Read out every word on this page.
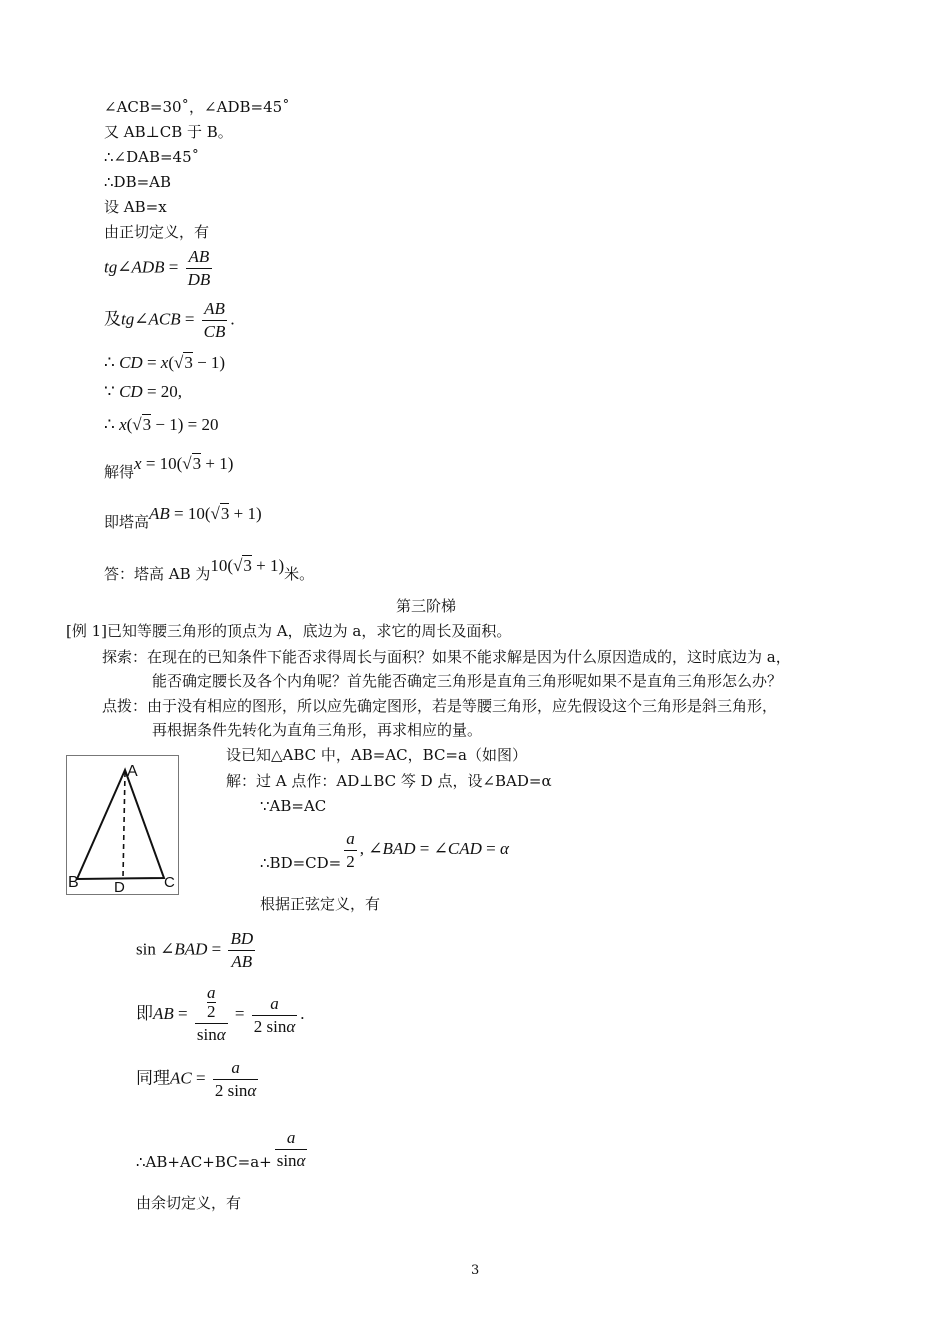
∠ACB=30˚，∠ADB=45˚
又 AB⊥CB 于 B。
∴∠DAB=45˚
∴DB=AB
设 AB=x
由正切定义，有
tg∠ADB = $\frac{AB}{DB}$
及tg∠ACB = $\frac{AB}{CB}$ .
∴ CD = x(√3 − 1)
∵ CD = 20,
∴ x(√3 − 1) = 20
解得x = 10(√3 + 1)
即塔高AB = 10(√3 + 1)
答：塔高 AB 为10(√3 + 1)米。
第三阶梯
[例 1]已知等腰三角形的顶点为 A，底边为 a，求它的周长及面积。
探索：在现在的已知条件下能否求得周长与面积？如果不能求解是因为什么原因造成的，这时底边为 a，
能否确定腰长及各个内角呢？首先能否确定三角形是直角三角形呢如果不是直角三角形怎么办？
点拨：由于没有相应的图形，所以应先确定图形，若是等腰三角形，应先假设这个三角形是斜三角形，
再根据条件先转化为直角三角形，再求相应的量。
A
B D	C
设已知△ABC 中，AB=AC，BC=a（如图）
解：过 A 点作：AD⊥BC 笒 D 点，设∠BAD=α
∵AB=AC
∴BD=CD= $\frac{a}{2}$ , ∠BAD = ∠CAD = α
根据正弦定义，有
sin ∠BAD = $\frac{BD}{AB}$
即AB = $\frac{\frac{a}{2}}{\sin\alpha} = \frac{a}{2 \sin\alpha}$ .
同理AC = $\frac{a}{2 \sin\alpha}$
∴AB+AC+BC=a+ $\frac{a}{\sin\alpha}$
由余切定义，有
3
